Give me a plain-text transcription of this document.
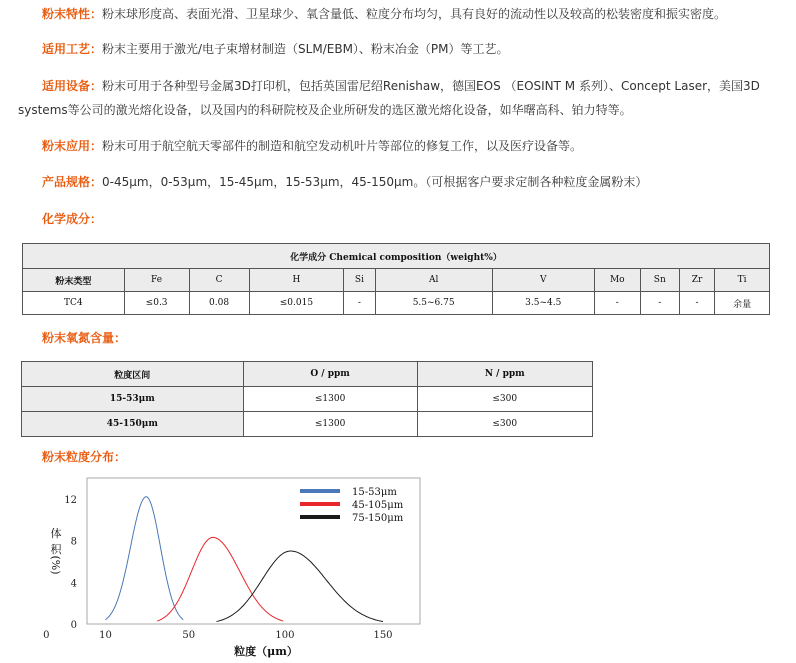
粉末特性：粉末球形度高、表面光滑、卫星球少、氧含量低、粒度分布均匀，具有良好的流动性以及较高的松装密度和振实密度。
适用工艺：粉末主要用于激光/电子束增材制造（SLM/EBM）、粉末冶金（PM）等工艺。
适用设备：粉末可用于各种型号金属3D打印机，包括英国雷尼绍Renishaw，德国EOS （EOSINT M 系列）、Concept Laser，美国3D systems等公司的激光熔化设备，以及国内的科研院校及企业所研发的选区激光熔化设备，如华曙高科、铂力特等。
粉末应用：粉末可用于航空航天零部件的制造和航空发动机叶片等部位的修复工作，以及医疗设备等。
产品规格：0-45μm，0-53μm，15-45μm，15-53μm，45-150μm。（可根据客户要求定制各种粒度金属粉末）
化学成分：
化学成分 Chemical composition（weight%）										
粉末类型	Fe	C	H	Si	Al	V	Mo	Sn	Zr	Ti
TC4	≤0.3	0.08	≤0.015	-	5.5~6.75	3.5~4.5	-	-	-	余量
粉末氧氮含量：
粒度区间	O / ppm	N / ppm
15-53μm	≤1300	≤300
45-150μm	≤1300	≤300
粉末粒度分布：
体
积
(%)
0
4
8
12
0	10	50	100	150
15-53μm
45-105μm
75-150μm
粒度（μm）
